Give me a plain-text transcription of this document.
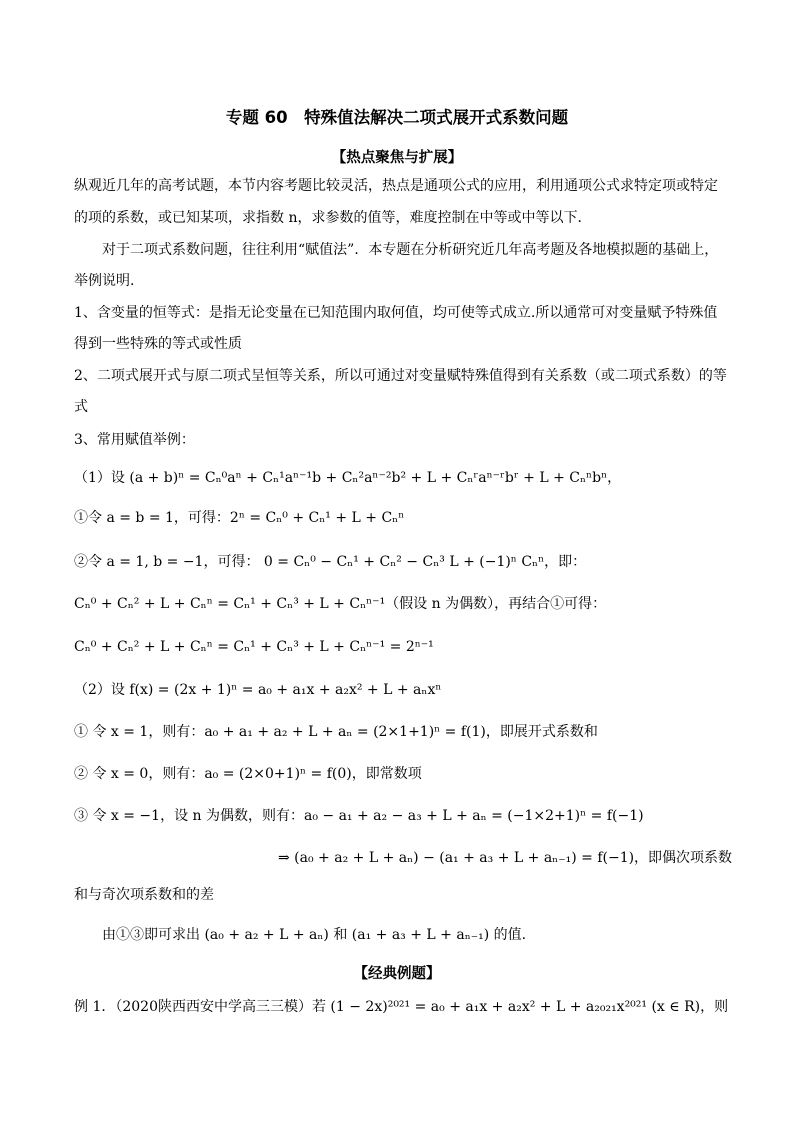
专题 60　特殊值法解决二项式展开式系数问题
【热点聚焦与扩展】
纵观近几年的高考试题，本节内容考题比较灵活，热点是通项公式的应用，利用通项公式求特定项或特定
的项的系数，或已知某项，求指数 n，求参数的值等，难度控制在中等或中等以下．
对于二项式系数问题，往往利用“赋值法”．本专题在分析研究近几年高考题及各地模拟题的基础上，
举例说明.
1、含变量的恒等式：是指无论变量在已知范围内取何值，均可使等式成立.所以通常可对变量赋予特殊值
得到一些特殊的等式或性质
2、二项式展开式与原二项式呈恒等关系，所以可通过对变量赋特殊值得到有关系数（或二项式系数）的等
式
3、常用赋值举例：
（1）设 (a + b)ⁿ = Cₙ⁰aⁿ + Cₙ¹aⁿ⁻¹b + Cₙ²aⁿ⁻²b² + L + Cₙʳaⁿ⁻ʳbʳ + L + Cₙⁿbⁿ，
①令 a = b = 1，可得：2ⁿ = Cₙ⁰ + Cₙ¹ + L + Cₙⁿ
②令 a = 1, b = −1，可得： 0 = Cₙ⁰ − Cₙ¹ + Cₙ² − Cₙ³ L + (−1)ⁿ Cₙⁿ，即：
Cₙ⁰ + Cₙ² + L + Cₙⁿ = Cₙ¹ + Cₙ³ + L + Cₙⁿ⁻¹（假设 n 为偶数），再结合①可得：
Cₙ⁰ + Cₙ² + L + Cₙⁿ = Cₙ¹ + Cₙ³ + L + Cₙⁿ⁻¹ = 2ⁿ⁻¹
（2）设 f(x) = (2x + 1)ⁿ = a₀ + a₁x + a₂x² + L + aₙxⁿ
① 令 x = 1，则有：a₀ + a₁ + a₂ + L + aₙ = (2×1+1)ⁿ = f(1)，即展开式系数和
② 令 x = 0，则有：a₀ = (2×0+1)ⁿ = f(0)，即常数项
③ 令 x = −1，设 n 为偶数，则有：a₀ − a₁ + a₂ − a₃ + L + aₙ = (−1×2+1)ⁿ = f(−1)
⇒ (a₀ + a₂ + L + aₙ) − (a₁ + a₃ + L + aₙ₋₁) = f(−1)，即偶次项系数
和与奇次项系数和的差
由①③即可求出 (a₀ + a₂ + L + aₙ) 和 (a₁ + a₃ + L + aₙ₋₁) 的值.
【经典例题】
例 1．（2020陕西西安中学高三三模）若 (1 − 2x)²⁰²¹ = a₀ + a₁x + a₂x² + L + a₂₀₂₁x²⁰²¹ (x ∈ R)，则
